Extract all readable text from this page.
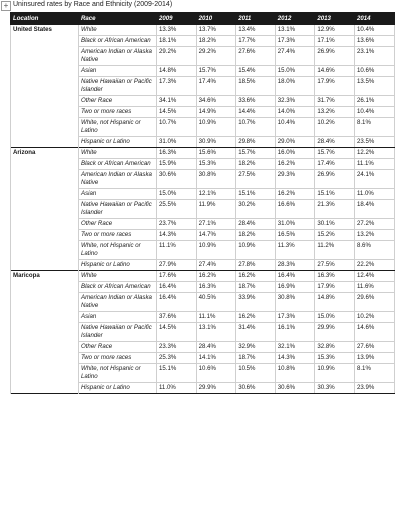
+ Uninsured rates by Race and Ethnicity (2009-2014)
Location	Race	2009	2010	2011	2012	2013	2014
United States	White	13.3%	13.7%	13.4%	13.1%	12.9%	10.4%
	Black or African American	18.1%	18.2%	17.7%	17.3%	17.1%	13.6%
	American Indian or Alaska Native	29.2%	29.2%	27.6%	27.4%	26.9%	23.1%
	Asian	14.8%	15.7%	15.4%	15.0%	14.6%	10.6%
	Native Hawaiian or Pacific Islander	17.3%	17.4%	18.5%	18.0%	17.9%	13.5%
	Other Race	34.1%	34.6%	33.6%	32.3%	31.7%	26.1%
	Two or more races	14.5%	14.9%	14.4%	14.0%	13.2%	10.4%
	White, not Hispanic or Latino	10.7%	10.9%	10.7%	10.4%	10.2%	8.1%
	Hispanic or Latino	31.0%	30.9%	29.8%	29.0%	28.4%	23.5%
Arizona	White	16.3%	15.6%	15.7%	16.0%	15.7%	12.2%
	Black or African American	15.9%	15.3%	18.2%	16.2%	17.4%	11.1%
	American Indian or Alaska Native	30.6%	30.8%	27.5%	29.3%	26.9%	24.1%
	Asian	15.0%	12.1%	15.1%	16.2%	15.1%	11.0%
	Native Hawaiian or Pacific Islander	25.5%	11.9%	30.2%	16.6%	21.3%	18.4%
	Other Race	23.7%	27.1%	28.4%	31.0%	30.1%	27.2%
	Two or more races	14.3%	14.7%	18.2%	16.5%	15.2%	13.2%
	White, not Hispanic or Latino	11.1%	10.9%	10.9%	11.3%	11.2%	8.6%
	Hispanic or Latino	27.9%	27.4%	27.8%	28.3%	27.5%	22.2%
Maricopa	White	17.6%	16.2%	16.2%	16.4%	16.3%	12.4%
	Black or African American	16.4%	16.3%	18.7%	16.9%	17.9%	11.6%
	American Indian or Alaska Native	16.4%	40.5%	33.9%	30.8%	14.8%	29.6%
	Asian	37.6%	11.1%	16.2%	17.3%	15.0%	10.2%
	Native Hawaiian or Pacific Islander	14.5%	13.1%	31.4%	16.1%	29.9%	14.6%
	Other Race	23.3%	28.4%	32.9%	32.1%	32.8%	27.6%
	Two or more races	25.3%	14.1%	18.7%	14.3%	15.3%	13.9%
	White, not Hispanic or Latino	15.1%	10.6%	10.5%	10.8%	10.9%	8.1%
	Hispanic or Latino	11.0%	29.9%	30.6%	30.6%	30.3%	23.9%
